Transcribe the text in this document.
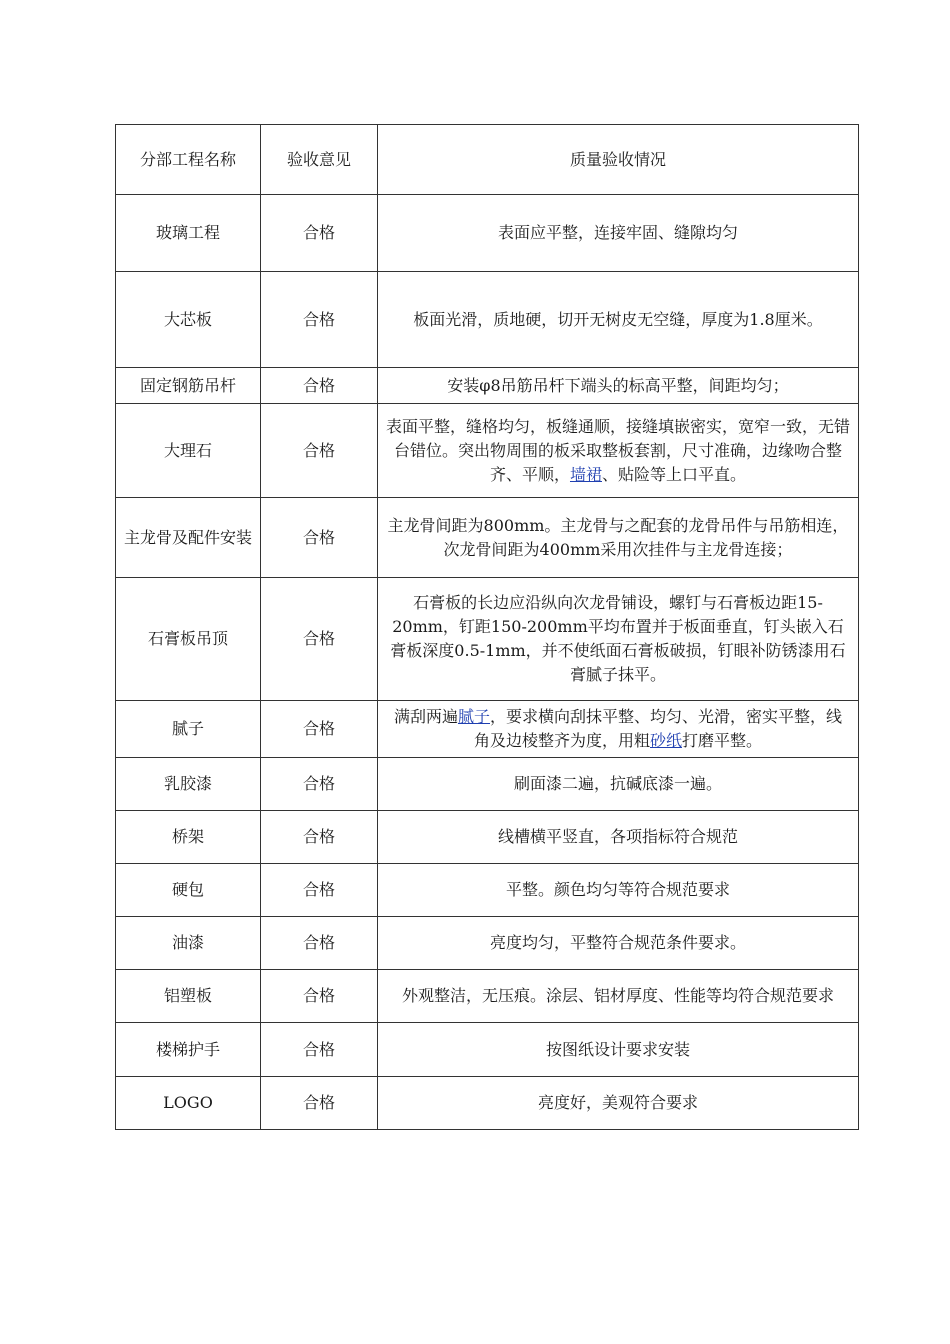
分部工程名称	验收意见	质量验收情况
玻璃工程	合格	表面应平整，连接牢固、缝隙均匀
大芯板	合格	板面光滑，质地硬，切开无树皮无空缝，厚度为1.8厘米。
固定钢筋吊杆	合格	安装φ8吊筋吊杆下端头的标高平整，间距均匀；
大理石	合格	表面平整，缝格均匀，板缝通顺，接缝填嵌密实，宽窄一致，无错台错位。突出物周围的板采取整板套割，尺寸准确，边缘吻合整齐、平顺，墙裙、贴险等上口平直。
主龙骨及配件安装	合格	主龙骨间距为800mm。主龙骨与之配套的龙骨吊件与吊筋相连，次龙骨间距为400mm采用次挂件与主龙骨连接；
石膏板吊顶	合格	石膏板的长边应沿纵向次龙骨铺设，螺钉与石膏板边距15-20mm，钉距150-200mm平均布置并于板面垂直，钉头嵌入石膏板深度0.5-1mm，并不使纸面石膏板破损，钉眼补防锈漆用石膏腻子抹平。
腻子	合格	满刮两遍腻子，要求横向刮抹平整、均匀、光滑，密实平整，线角及边棱整齐为度，用粗砂纸打磨平整。
乳胶漆	合格	刷面漆二遍，抗碱底漆一遍。
桥架	合格	线槽横平竖直，各项指标符合规范
硬包	合格	平整。颜色均匀等符合规范要求
油漆	合格	亮度均匀，平整符合规范条件要求。
铝塑板	合格	外观整洁，无压痕。涂层、铝材厚度、性能等均符合规范要求
楼梯护手	合格	按图纸设计要求安装
LOGO	合格	亮度好，美观符合要求
